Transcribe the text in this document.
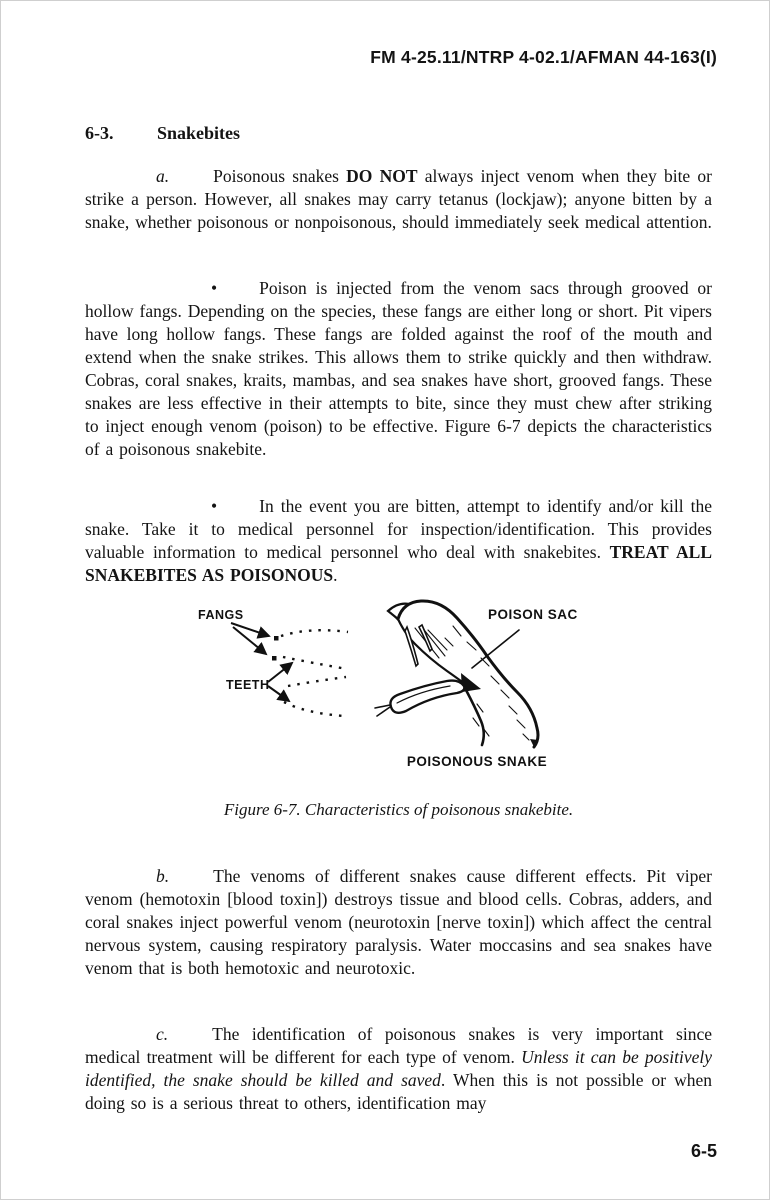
FM 4-25.11/NTRP 4-02.1/AFMAN 44-163(I)
6-3.	Snakebites
a.	Poisonous snakes DO NOT always inject venom when they bite or strike a person. However, all snakes may carry tetanus (lockjaw); anyone bitten by a snake, whether poisonous or nonpoisonous, should immediately seek medical attention.
• Poison is injected from the venom sacs through grooved or hollow fangs. Depending on the species, these fangs are either long or short. Pit vipers have long hollow fangs. These fangs are folded against the roof of the mouth and extend when the snake strikes. This allows them to strike quickly and then withdraw. Cobras, coral snakes, kraits, mambas, and sea snakes have short, grooved fangs. These snakes are less effective in their attempts to bite, since they must chew after striking to inject enough venom (poison) to be effective. Figure 6-7 depicts the characteristics of a poisonous snakebite.
• In the event you are bitten, attempt to identify and/or kill the snake. Take it to medical personnel for inspection/identification. This provides valuable information to medical personnel who deal with snakebites. TREAT ALL SNAKEBITES AS POISONOUS.
FANGS
TEETH
POISON SAC
POISONOUS SNAKE
Figure 6-7. Characteristics of poisonous snakebite.
b.	The venoms of different snakes cause different effects. Pit viper venom (hemotoxin [blood toxin]) destroys tissue and blood cells. Cobras, adders, and coral snakes inject powerful venom (neurotoxin [nerve toxin]) which affect the central nervous system, causing respiratory paralysis. Water moccasins and sea snakes have venom that is both hemotoxic and neurotoxic.
c.	The identification of poisonous snakes is very important since medical treatment will be different for each type of venom. Unless it can be positively identified, the snake should be killed and saved. When this is not possible or when doing so is a serious threat to others, identification may
6-5
